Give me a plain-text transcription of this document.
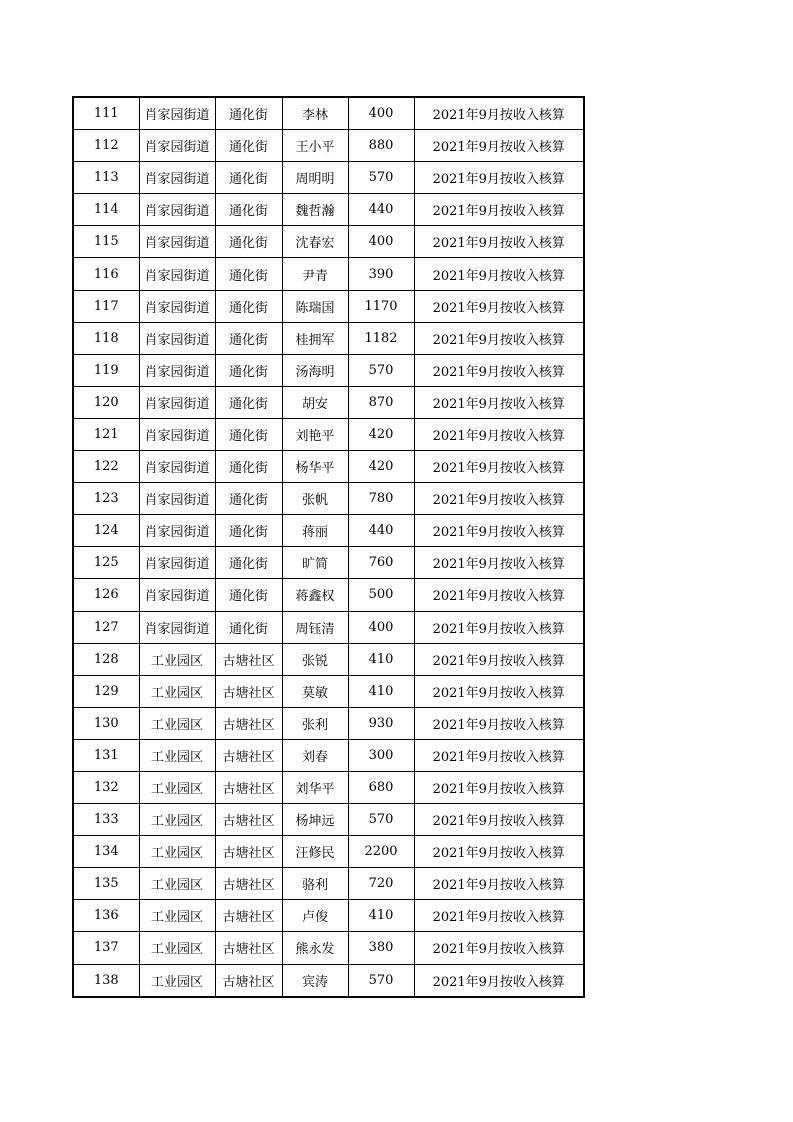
111	肖家园街道	通化街	李林	400	2021年9月按收入核算
112	肖家园街道	通化街	王小平	880	2021年9月按收入核算
113	肖家园街道	通化街	周明明	570	2021年9月按收入核算
114	肖家园街道	通化街	魏哲瀚	440	2021年9月按收入核算
115	肖家园街道	通化街	沈春宏	400	2021年9月按收入核算
116	肖家园街道	通化街	尹青	390	2021年9月按收入核算
117	肖家园街道	通化街	陈瑞国	1170	2021年9月按收入核算
118	肖家园街道	通化街	桂拥军	1182	2021年9月按收入核算
119	肖家园街道	通化街	汤海明	570	2021年9月按收入核算
120	肖家园街道	通化街	胡安	870	2021年9月按收入核算
121	肖家园街道	通化街	刘艳平	420	2021年9月按收入核算
122	肖家园街道	通化街	杨华平	420	2021年9月按收入核算
123	肖家园街道	通化街	张帆	780	2021年9月按收入核算
124	肖家园街道	通化街	蒋丽	440	2021年9月按收入核算
125	肖家园街道	通化街	旷简	760	2021年9月按收入核算
126	肖家园街道	通化街	蒋鑫权	500	2021年9月按收入核算
127	肖家园街道	通化街	周钰清	400	2021年9月按收入核算
128	工业园区	古塘社区	张锐	410	2021年9月按收入核算
129	工业园区	古塘社区	莫敏	410	2021年9月按收入核算
130	工业园区	古塘社区	张利	930	2021年9月按收入核算
131	工业园区	古塘社区	刘春	300	2021年9月按收入核算
132	工业园区	古塘社区	刘华平	680	2021年9月按收入核算
133	工业园区	古塘社区	杨坤远	570	2021年9月按收入核算
134	工业园区	古塘社区	汪修民	2200	2021年9月按收入核算
135	工业园区	古塘社区	骆利	720	2021年9月按收入核算
136	工业园区	古塘社区	卢俊	410	2021年9月按收入核算
137	工业园区	古塘社区	熊永发	380	2021年9月按收入核算
138	工业园区	古塘社区	宾涛	570	2021年9月按收入核算
